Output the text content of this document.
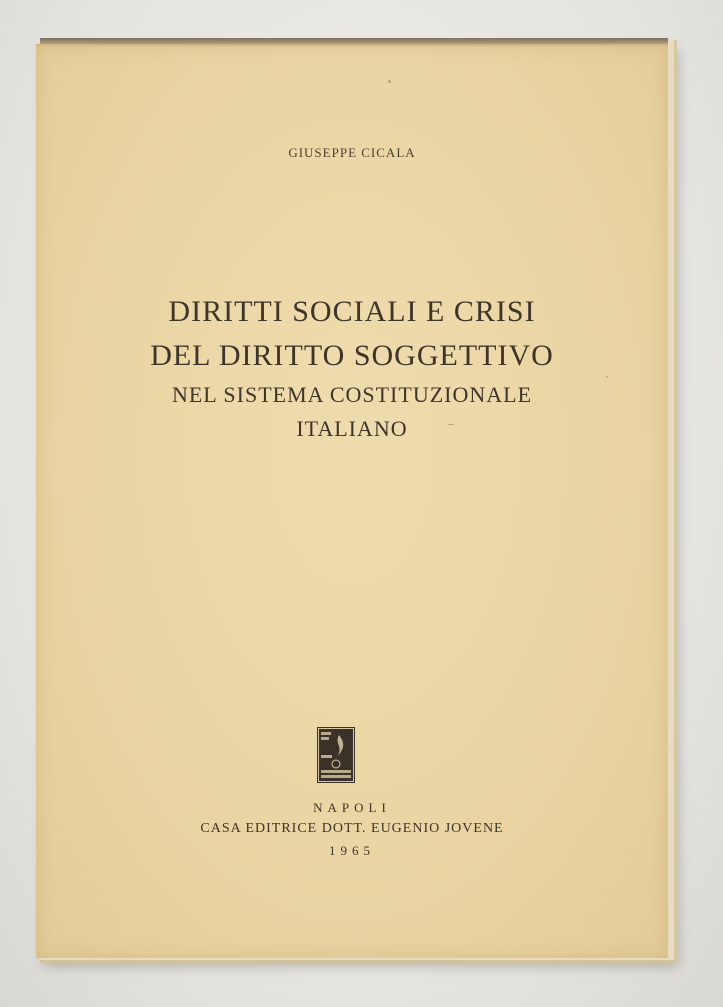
GIUSEPPE CICALA
DIRITTI SOCIALI E CRISI
DEL DIRITTO SOGGETTIVO
NEL SISTEMA COSTITUZIONALE
ITALIANO
NAPOLI
CASA EDITRICE DOTT. EUGENIO JOVENE
1965
